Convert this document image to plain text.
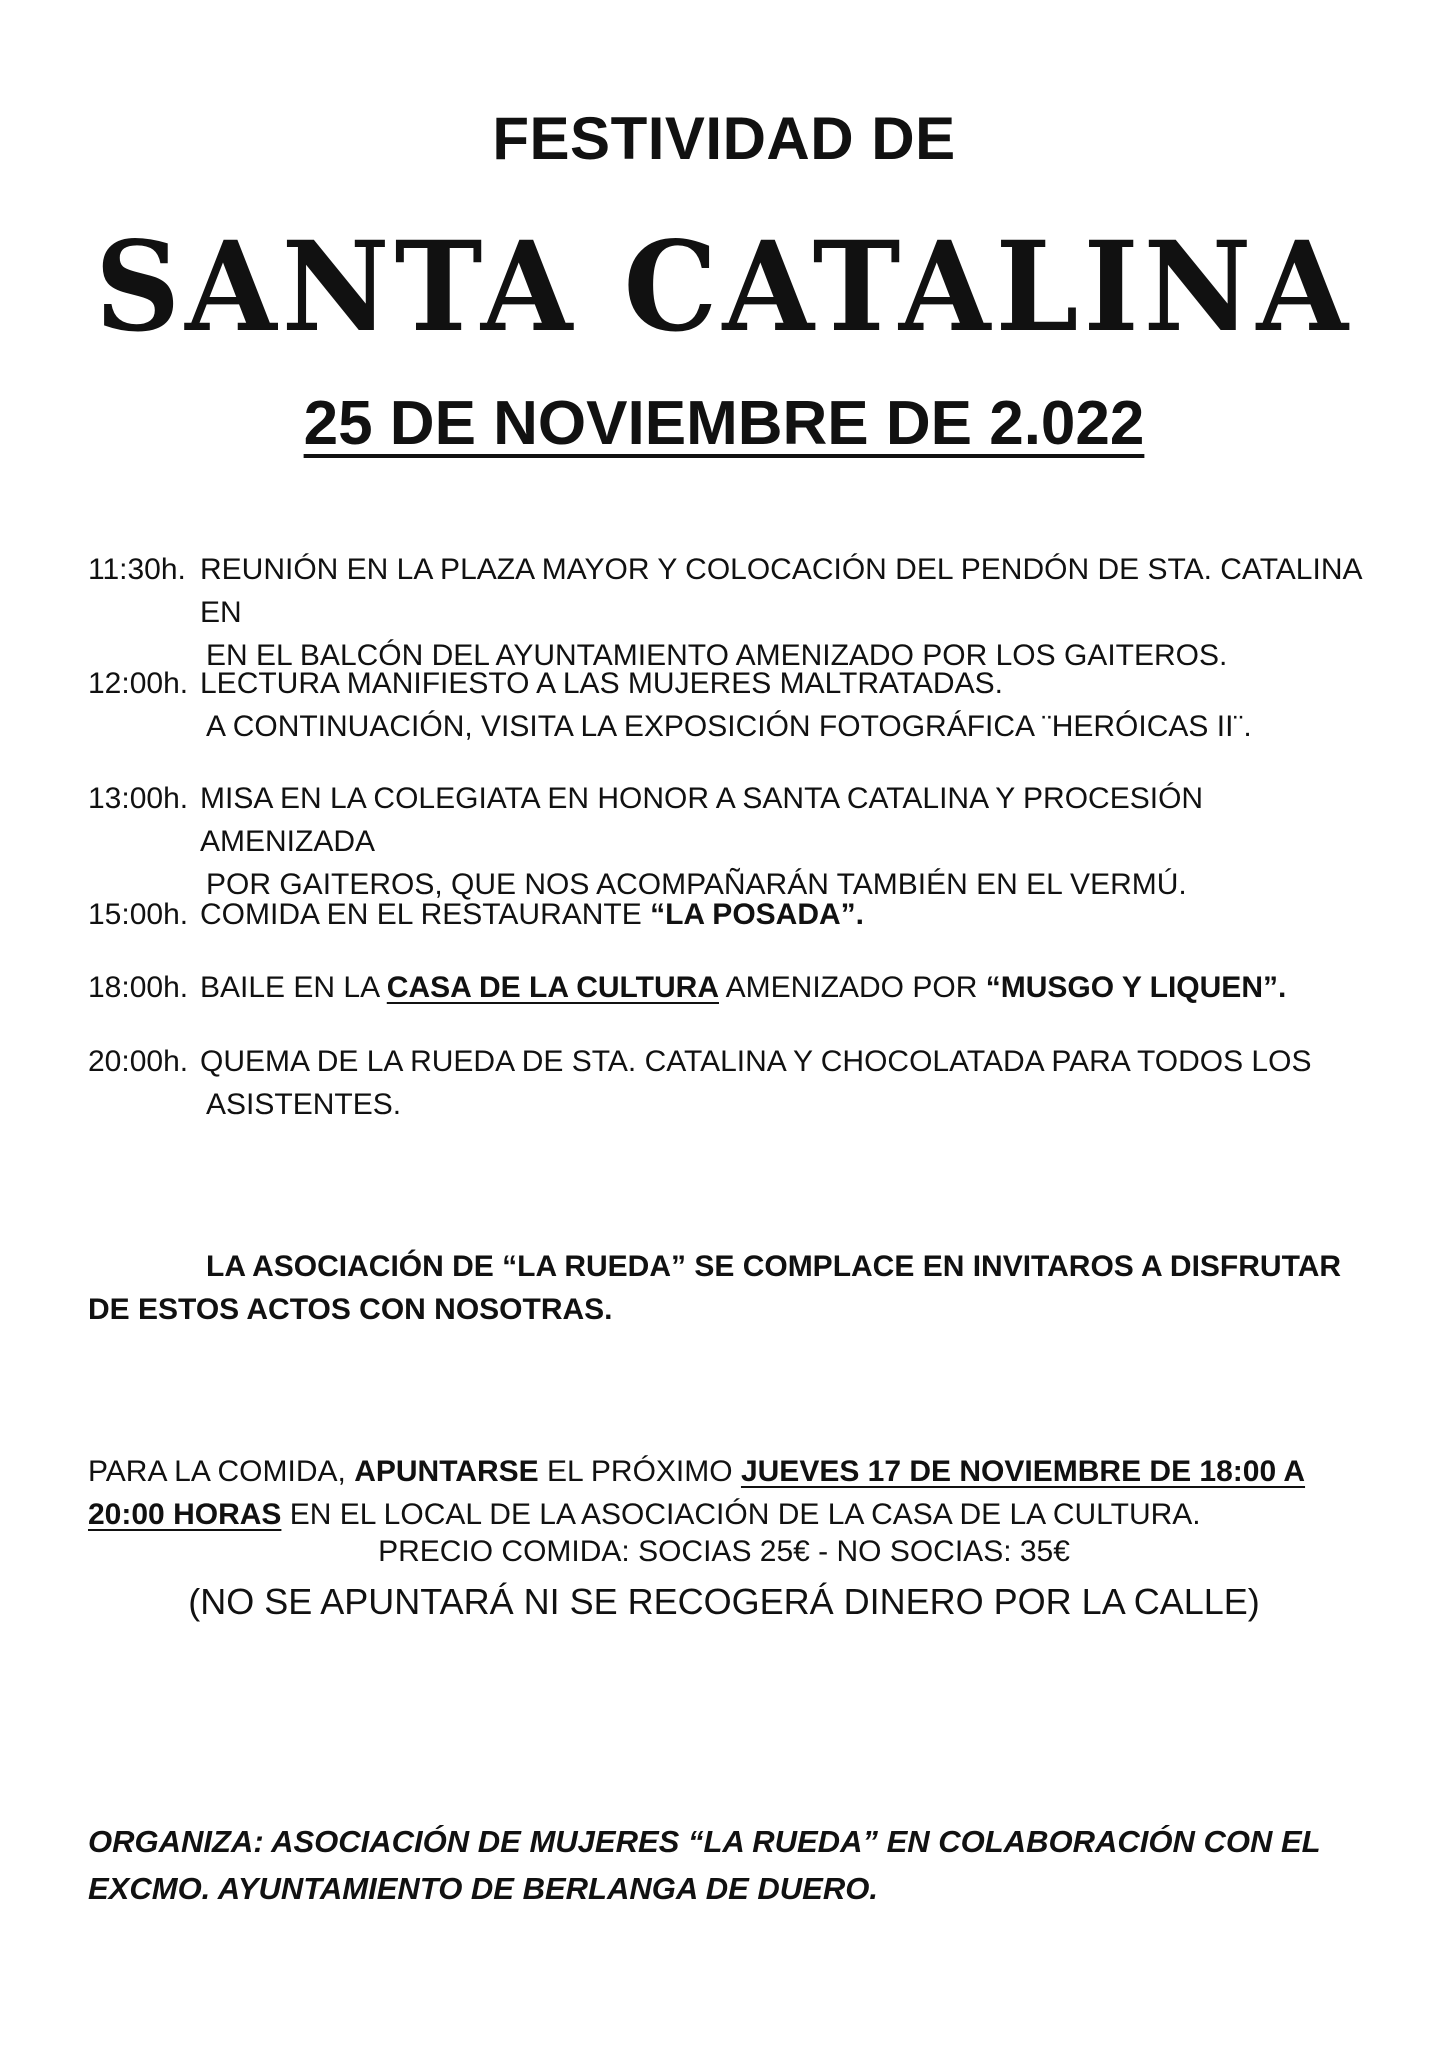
FESTIVIDAD DE
SANTA CATALINA
25 DE NOVIEMBRE DE 2.022
11:30h. REUNIÓN EN LA PLAZA MAYOR Y COLOCACIÓN DEL PENDÓN DE STA. CATALINA EN
EN EL BALCÓN DEL AYUNTAMIENTO AMENIZADO POR LOS GAITEROS.
12:00h. LECTURA MANIFIESTO A LAS MUJERES MALTRATADAS.
A CONTINUACIÓN, VISITA LA EXPOSICIÓN FOTOGRÁFICA ¨HERÓICAS II¨.
13:00h. MISA EN LA COLEGIATA EN HONOR A SANTA CATALINA Y PROCESIÓN AMENIZADA
POR GAITEROS, QUE NOS ACOMPAÑARÁN TAMBIÉN EN EL VERMÚ.
15:00h. COMIDA EN EL RESTAURANTE “LA POSADA”.
18:00h. BAILE EN LA CASA DE LA CULTURA AMENIZADO POR “MUSGO Y LIQUEN”.
20:00h. QUEMA DE LA RUEDA DE STA. CATALINA Y CHOCOLATADA PARA TODOS LOS
ASISTENTES.
LA ASOCIACIÓN DE “LA RUEDA” SE COMPLACE EN INVITAROS A DISFRUTAR DE ESTOS ACTOS CON NOSOTRAS.
PARA LA COMIDA, APUNTARSE EL PRÓXIMO JUEVES 17 DE NOVIEMBRE DE 18:00 A 20:00 HORAS EN EL LOCAL DE LA ASOCIACIÓN DE LA CASA DE LA CULTURA.
PRECIO COMIDA: SOCIAS 25€ - NO SOCIAS: 35€
(NO SE APUNTARÁ NI SE RECOGERÁ DINERO POR LA CALLE)
ORGANIZA: ASOCIACIÓN DE MUJERES “LA RUEDA” EN COLABORACIÓN CON EL EXCMO. AYUNTAMIENTO DE BERLANGA DE DUERO.
